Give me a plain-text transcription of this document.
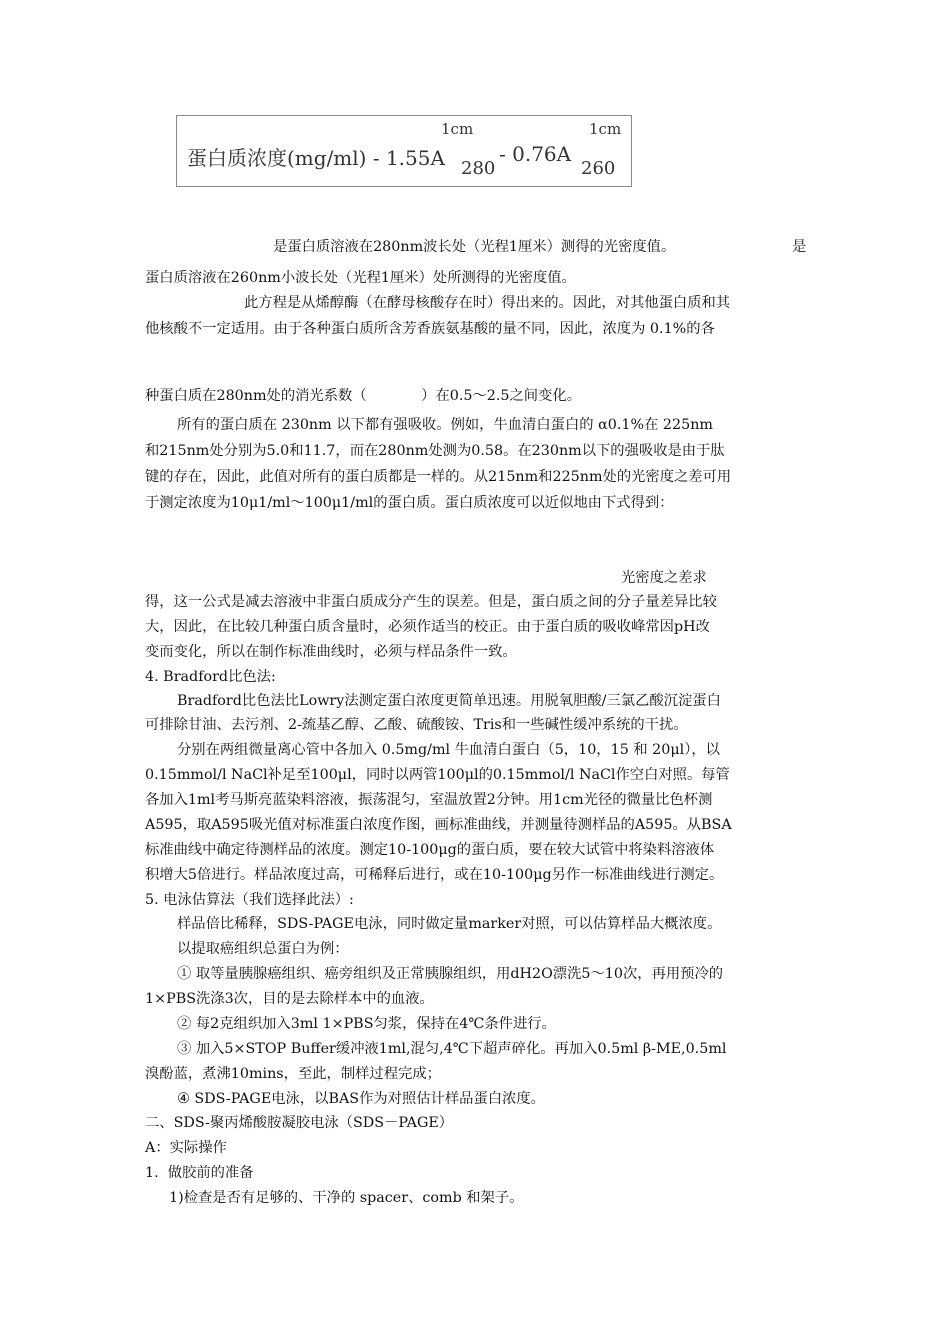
蛋白质浓度(mg/ml) - 1.55A
1cm
280
- 0.76A
1cm
260
是蛋白质溶液在280nm波长处（光程1厘米）测得的光密度值。	是
蛋白质溶液在260nm小波长处（光程1厘米）处所测得的光密度值。
此方程是从烯醇酶（在酵母核酸存在时）得出来的。因此，对其他蛋白质和其
他核酸不一定适用。由于各种蛋白质所含芳香族氨基酸的量不同，因此，浓度为 0.1%的各
种蛋白质在280nm处的消光系数（            ）在0.5～2.5之间变化。
所有的蛋白质在 230nm 以下都有强吸收。例如，牛血清白蛋白的 α0.1%在 225nm
和215nm处分别为5.0和11.7，而在280nm处测为0.58。在230nm以下的强吸收是由于肽
键的存在，因此，此值对所有的蛋白质都是一样的。从215nm和225nm处的光密度之差可用
于测定浓度为10μ1/ml～100μ1/ml的蛋白质。蛋白质浓度可以近似地由下式得到：
光密度之差求
得，这一公式是减去溶液中非蛋白质成分产生的误差。但是，蛋白质之间的分子量差异比较
大，因此，在比较几种蛋白质含量时，必须作适当的校正。由于蛋白质的吸收峰常因pH改
变而变化，所以在制作标准曲线时，必须与样品条件一致。
4. Bradford比色法:
Bradford比色法比Lowry法测定蛋白浓度更简单迅速。用脱氧胆酸/三氯乙酸沉淀蛋白
可排除甘油、去污剂、2-巯基乙醇、乙酸、硫酸铵、Tris和一些碱性缓冲系统的干扰。
分别在两组微量离心管中各加入 0.5mg/ml 牛血清白蛋白（5，10，15 和 20μl），以
0.15mmol/l NaCl补足至100μl，同时以两管100μl的0.15mmol/l NaCl作空白对照。每管
各加入1ml考马斯亮蓝染料溶液，振荡混匀，室温放置2分钟。用1cm光径的微量比色杯测
A595，取A595吸光值对标准蛋白浓度作图，画标准曲线，并测量待测样品的A595。从BSA
标准曲线中确定待测样品的浓度。测定10-100μg的蛋白质，要在较大试管中将染料溶液体
积增大5倍进行。样品浓度过高，可稀释后进行，或在10-100μg另作一标准曲线进行测定。
5. 电泳估算法（我们选择此法）:
样品倍比稀释，SDS-PAGE电泳，同时做定量marker对照，可以估算样品大概浓度。
以提取癌组织总蛋白为例：
① 取等量胰腺癌组织、癌旁组织及正常胰腺组织，用dH2O漂洗5～10次，再用预冷的
1×PBS洗涤3次，目的是去除样本中的血液。
② 每2克组织加入3ml 1×PBS匀浆，保持在4℃条件进行。
③ 加入5×STOP Buffer缓冲液1ml,混匀,4℃下超声碎化。再加入0.5ml β-ME,0.5ml
溴酚蓝，煮沸10mins，至此，制样过程完成；
④ SDS-PAGE电泳，以BAS作为对照估计样品蛋白浓度。
二、SDS-聚丙烯酸胺凝胶电泳（SDS－PAGE）
A：实际操作
1.  做胶前的准备
1)检查是否有足够的、干净的 spacer、comb 和架子。
